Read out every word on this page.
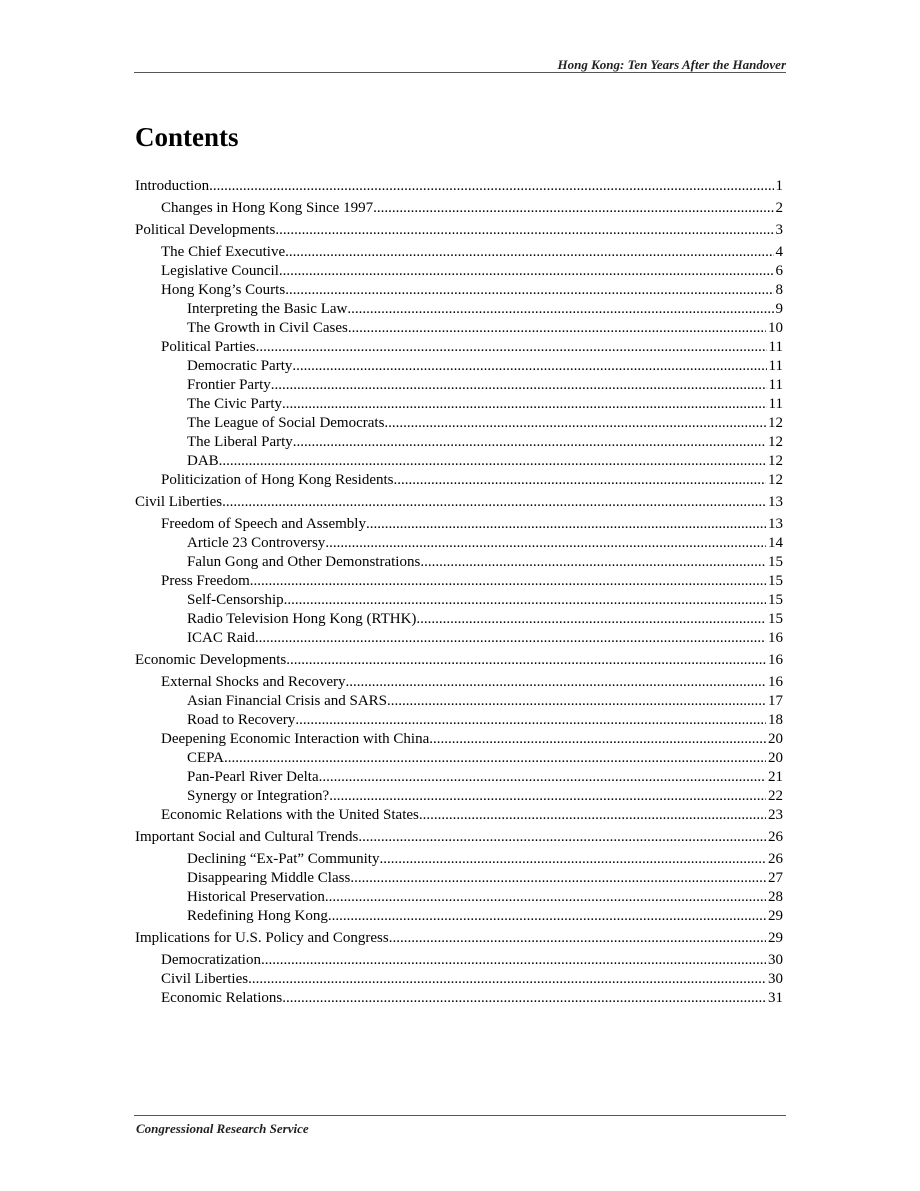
Hong Kong: Ten Years After the Handover
Contents
Introduction .....	1
Changes in Hong Kong Since 1997 .....	2
Political Developments .....	3
The Chief Executive .....	4
Legislative Council .....	6
Hong Kong’s Courts .....	8
Interpreting the Basic Law .....	9
The Growth in Civil Cases .....	10
Political Parties .....	11
Democratic Party .....	11
Frontier Party .....	11
The Civic Party .....	11
The League of Social Democrats .....	12
The Liberal Party .....	12
DAB .....	12
Politicization of Hong Kong Residents .....	12
Civil Liberties .....	13
Freedom of Speech and Assembly .....	13
Article 23 Controversy .....	14
Falun Gong and Other Demonstrations .....	15
Press Freedom .....	15
Self-Censorship .....	15
Radio Television Hong Kong (RTHK) .....	15
ICAC Raid .....	16
Economic Developments .....	16
External Shocks and Recovery .....	16
Asian Financial Crisis and SARS .....	17
Road to Recovery .....	18
Deepening Economic Interaction with China .....	20
CEPA .....	20
Pan-Pearl River Delta .....	21
Synergy or Integration? .....	22
Economic Relations with the United States .....	23
Important Social and Cultural Trends .....	26
Declining “Ex-Pat” Community .....	26
Disappearing Middle Class .....	27
Historical Preservation .....	28
Redefining Hong Kong .....	29
Implications for U.S. Policy and Congress .....	29
Democratization .....	30
Civil Liberties .....	30
Economic Relations .....	31
Congressional Research Service
